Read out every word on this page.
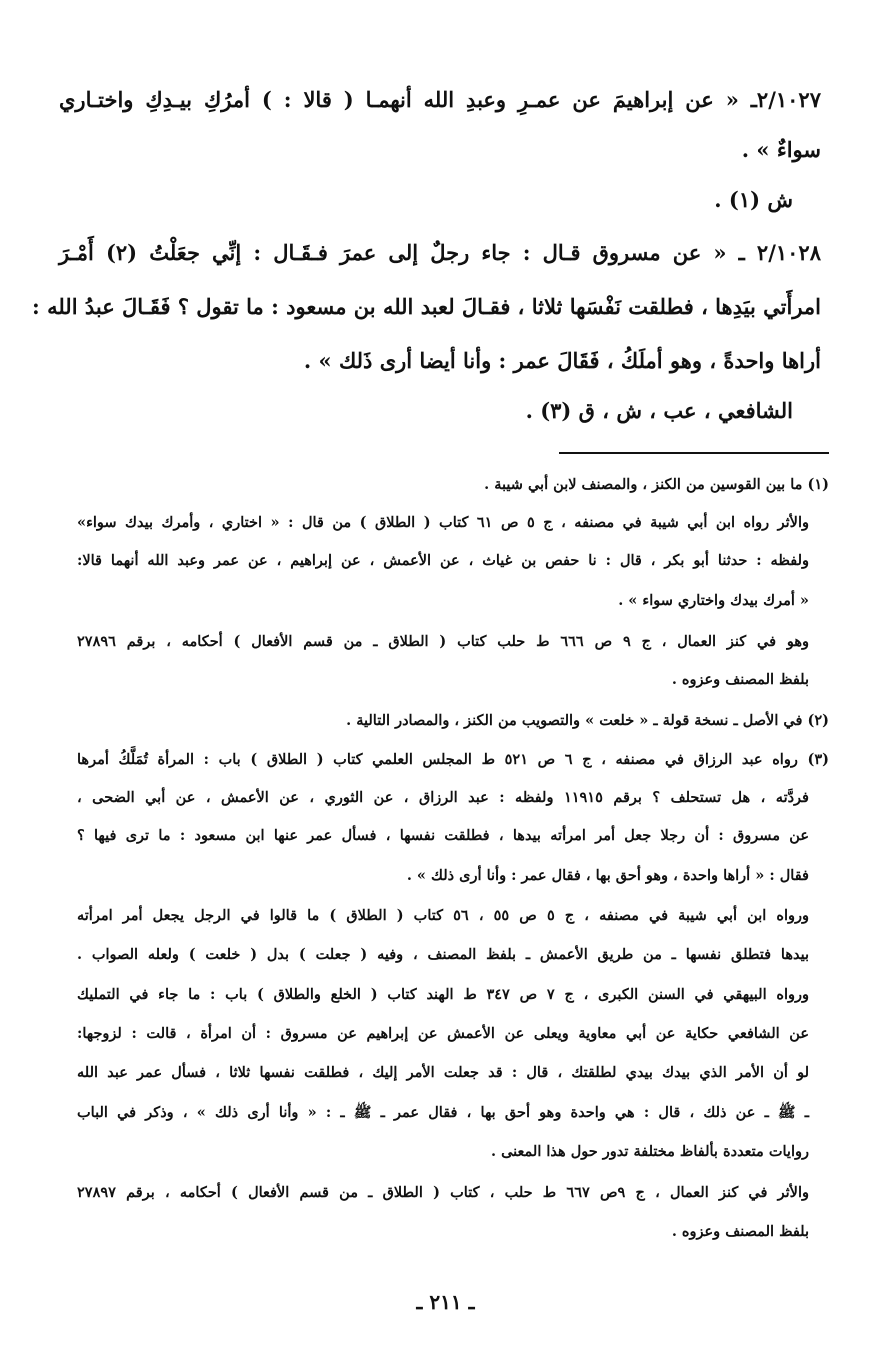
٢/١٠٢٧ـ « عن إبراهيمَ عن عمـرِ وعبدِ الله أنهمـا ( قالا : ) أمرُكِ بيـدِكِ واختـاري
سواءٌ » .
ش (١) .
٢/١٠٢٨ ـ « عن مسروق قـال : جاء رجلٌ إلى عمرَ فـقَـال : إنِّي جعَلْتُ (٢) أَمْـرَ
امرأَتي بيَدِها ، فطلقت نَفْسَها ثلاثا ، فقـالَ لعبد الله بن مسعود : ما تقول ؟ فَقَـالَ عبدُ الله :
أراها واحدةً ، وهو أملَكُ ، فَقَالَ عمر : وأنا أيضا أرى ذَلك » .
الشافعي ، عب ، ش ، ق (٣) .
(١) ما بين القوسين من الكنز ، والمصنف لابن أبي شيبة .
والأثر رواه ابن أبي شيبة في مصنفه ، ج ٥ ص ٦١ كتاب ( الطلاق ) من قال : « اختاري ، وأمرك بيدك سواء»
ولفظه : حدثنا أبو بكر ، قال : نا حفص بن غياث ، عن الأعمش ، عن إبراهيم ، عن عمر وعبد الله أنهما قالا:
« أمرك بيدك واختاري سواء » .
وهو في كنز العمال ، ج ٩ ص ٦٦٦ ط حلب كتاب ( الطلاق ـ من قسم الأفعال ) أحكامه ، برقم ٢٧٨٩٦
بلفظ المصنف وعزوه .
(٢) في الأصل ـ نسخة قولة ـ « خلعت » والتصويب من الكنز ، والمصادر التالية .
(٣) رواه عبد الرزاق في مصنفه ، ج ٦ ص ٥٢١ ط المجلس العلمي كتاب ( الطلاق ) باب : المرأة تُمَلَّكُ أمرها
فردَّته ، هل تستحلف ؟ برقم ١١٩١٥ ولفظه : عبد الرزاق ، عن الثوري ، عن الأعمش ، عن أبي الضحى ،
عن مسروق : أن رجلا جعل أمر امرأته بيدها ، فطلقت نفسها ، فسأل عمر عنها ابن مسعود : ما ترى فيها ؟
فقال : « أراها واحدة ، وهو أحق بها ، فقال عمر : وأنا أرى ذلك » .
ورواه ابن أبي شيبة في مصنفه ، ج ٥ ص ٥٥ ، ٥٦ كتاب ( الطلاق ) ما قالوا في الرجل يجعل أمر امرأته
بيدها فتطلق نفسها ـ من طريق الأعمش ـ بلفظ المصنف ، وفيه ( جعلت ) بدل ( خلعت ) ولعله الصواب .
ورواه البيهقي في السنن الكبرى ، ج ٧ ص ٣٤٧ ط الهند كتاب ( الخلع والطلاق ) باب : ما جاء في التمليك
عن الشافعي حكاية عن أبي معاوية ويعلى عن الأعمش عن إبراهيم عن مسروق : أن امرأة ، قالت : لزوجها:
لو أن الأمر الذي بيدك بيدي لطلقتك ، قال : قد جعلت الأمر إليك ، فطلقت نفسها ثلاثا ، فسأل عمر عبد الله
ـ ﷺ ـ عن ذلك ، قال : هي واحدة وهو أحق بها ، فقال عمر ـ ﷺ ـ : « وأنا أرى ذلك » ، وذكر في الباب
روايات متعددة بألفاظ مختلفة تدور حول هذا المعنى .
والأثر في كنز العمال ، ج ٩ص ٦٦٧ ط حلب ، كتاب ( الطلاق ـ من قسم الأفعال ) أحكامه ، برقم ٢٧٨٩٧
بلفظ المصنف وعزوه .
ـ ٢١١ ـ
